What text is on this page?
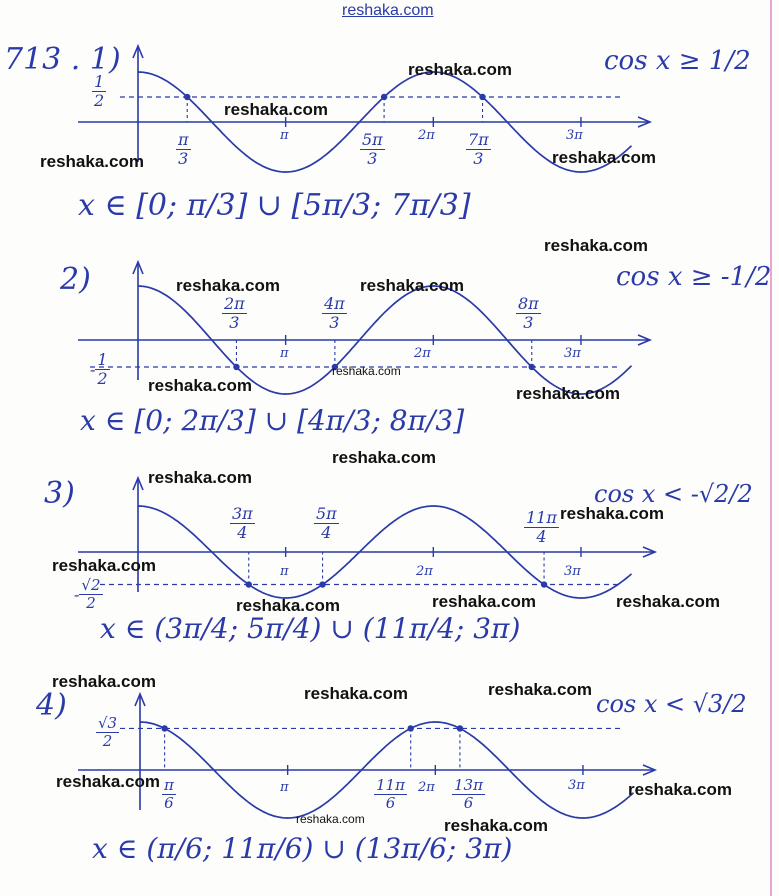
reshaka.com
713 . 1)
2)
3)
4)
cos x ≥ 1/2
cos x ≥ -1/2
cos x < -√2/2
cos x < √3/2
x ∈ [0; π/3] ∪ [5π/3; 7π/3]
x ∈ [0; 2π/3] ∪ [4π/3; 8π/3]
x ∈ (3π/4; 5π/4) ∪ (11π/4; 3π)
x ∈ (π/6; 11π/6) ∪ (13π/6; 3π)
$\frac{1}{2}$
- $\frac{1}{2}$
- $\frac{√2}{2}$
$\frac{√3}{2}$
$\frac{\pi}{3}$	$\frac{5\pi}{3}$	$\frac{7\pi}{3}$
π	2π	3π
$\frac{2\pi}{3}$	$\frac{4\pi}{3}$	$\frac{8\pi}{3}$
π	2π	3π
$\frac{3\pi}{4}$	$\frac{5\pi}{4}$	$\frac{11\pi}{4}$
π	2π	3π
$\frac{\pi}{6}$	$\frac{11\pi}{6}$	$\frac{13\pi}{6}$
π	2π	3π
reshaka.com
reshaka.com
reshaka.com	reshaka.com
reshaka.com
reshaka.com	reshaka.com
reshaka.com
reshaka.com	reshaka.com
reshaka.com
reshaka.com
reshaka.com
reshaka.com
reshaka.com	reshaka.com	reshaka.com
reshaka.com	reshaka.com
reshaka.com
reshaka.com	reshaka.com
reshaka.com	reshaka.com
